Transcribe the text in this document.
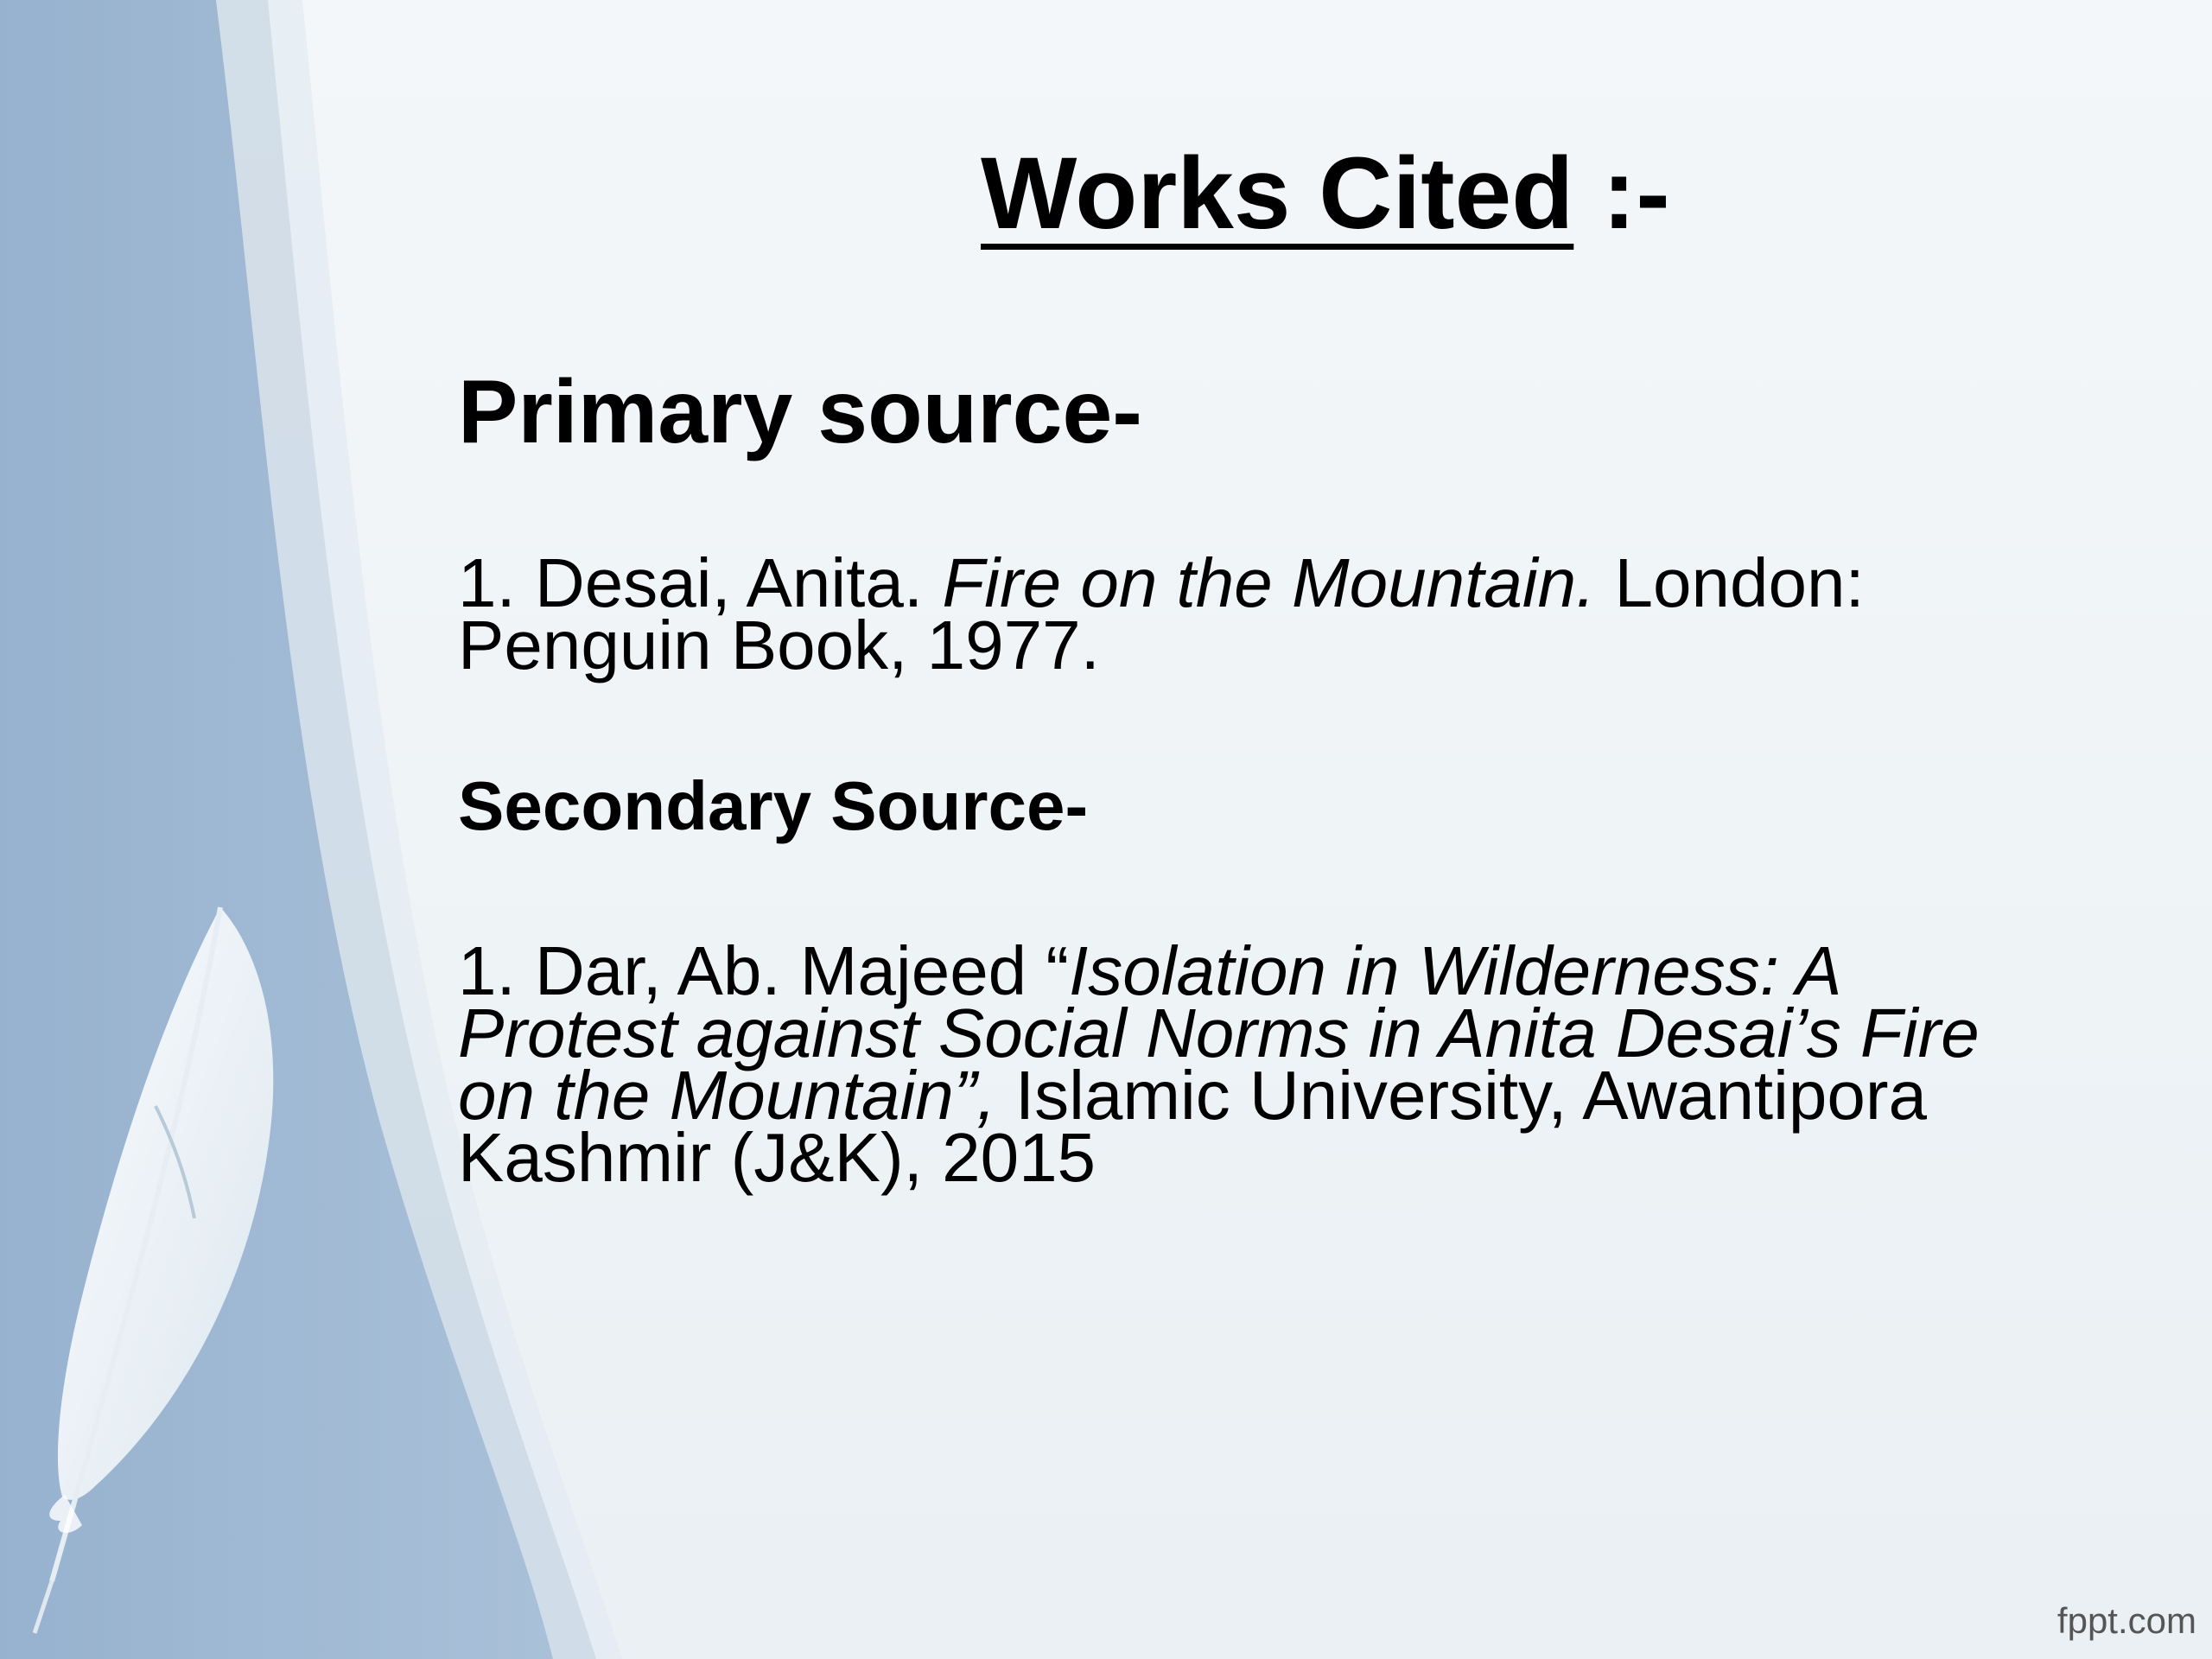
Works Cited :-
Primary source-

1. Desai, Anita. Fire on the Mountain. London: Penguin Book, 1977.

Secondary Source-

1. Dar, Ab. Majeed “Isolation in Wilderness: A Protest against Social Norms in Anita Desai’s Fire on the Mountain”, Islamic University, Awantipora Kashmir (J&K), 2015

fppt.com
